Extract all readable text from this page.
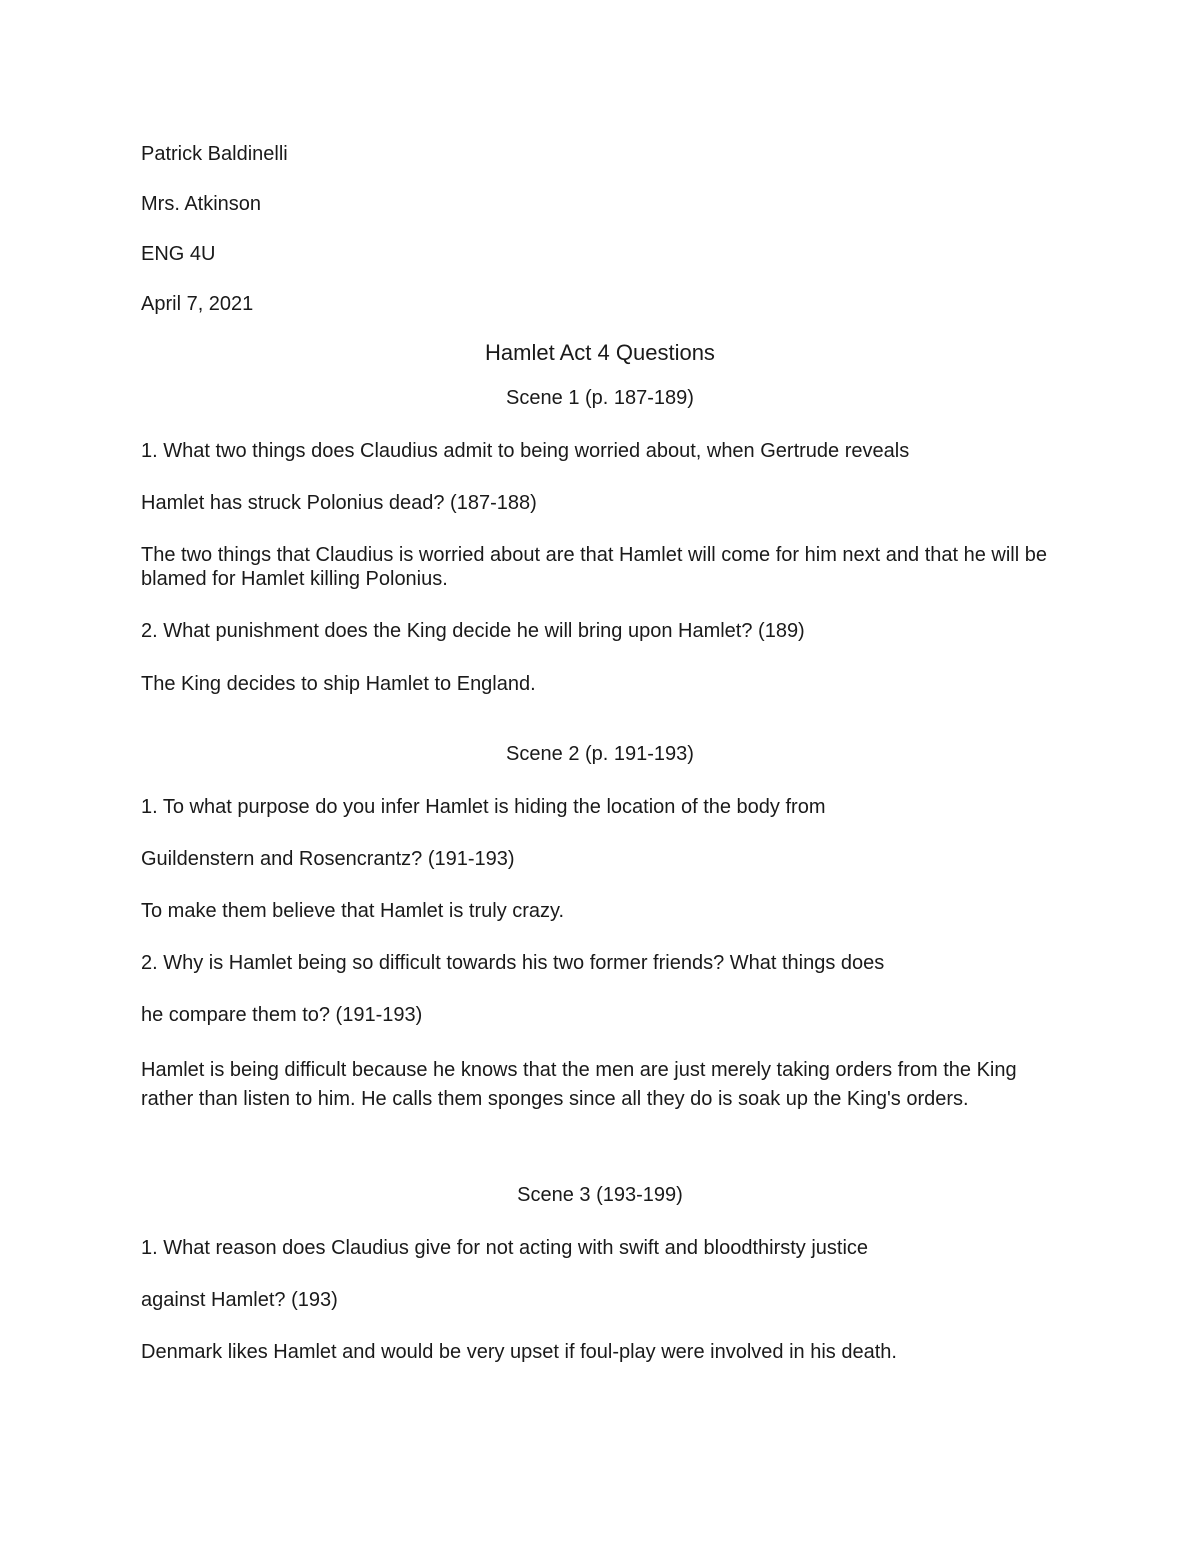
Patrick Baldinelli

Mrs. Atkinson

ENG 4U

April 7, 2021

Hamlet Act 4 Questions
Scene 1 (p. 187-189)

1. What two things does Claudius admit to being worried about, when Gertrude reveals

Hamlet has struck Polonius dead? (187-188)

The two things that Claudius is worried about are that Hamlet will come for him next and that he will be blamed for Hamlet killing Polonius.

2. What punishment does the King decide he will bring upon Hamlet? (189)

The King decides to ship Hamlet to England.

Scene 2 (p. 191-193)

1. To what purpose do you infer Hamlet is hiding the location of the body from

Guildenstern and Rosencrantz? (191-193)

To make them believe that Hamlet is truly crazy.

2. Why is Hamlet being so difficult towards his two former friends? What things does

he compare them to? (191-193)

Hamlet is being difficult because he knows that the men are just merely taking orders from the King rather than listen to him. He calls them sponges since all they do is soak up the King's orders.

Scene 3 (193-199)

1. What reason does Claudius give for not acting with swift and bloodthirsty justice

against Hamlet? (193)

Denmark likes Hamlet and would be very upset if foul-play were involved in his death.
